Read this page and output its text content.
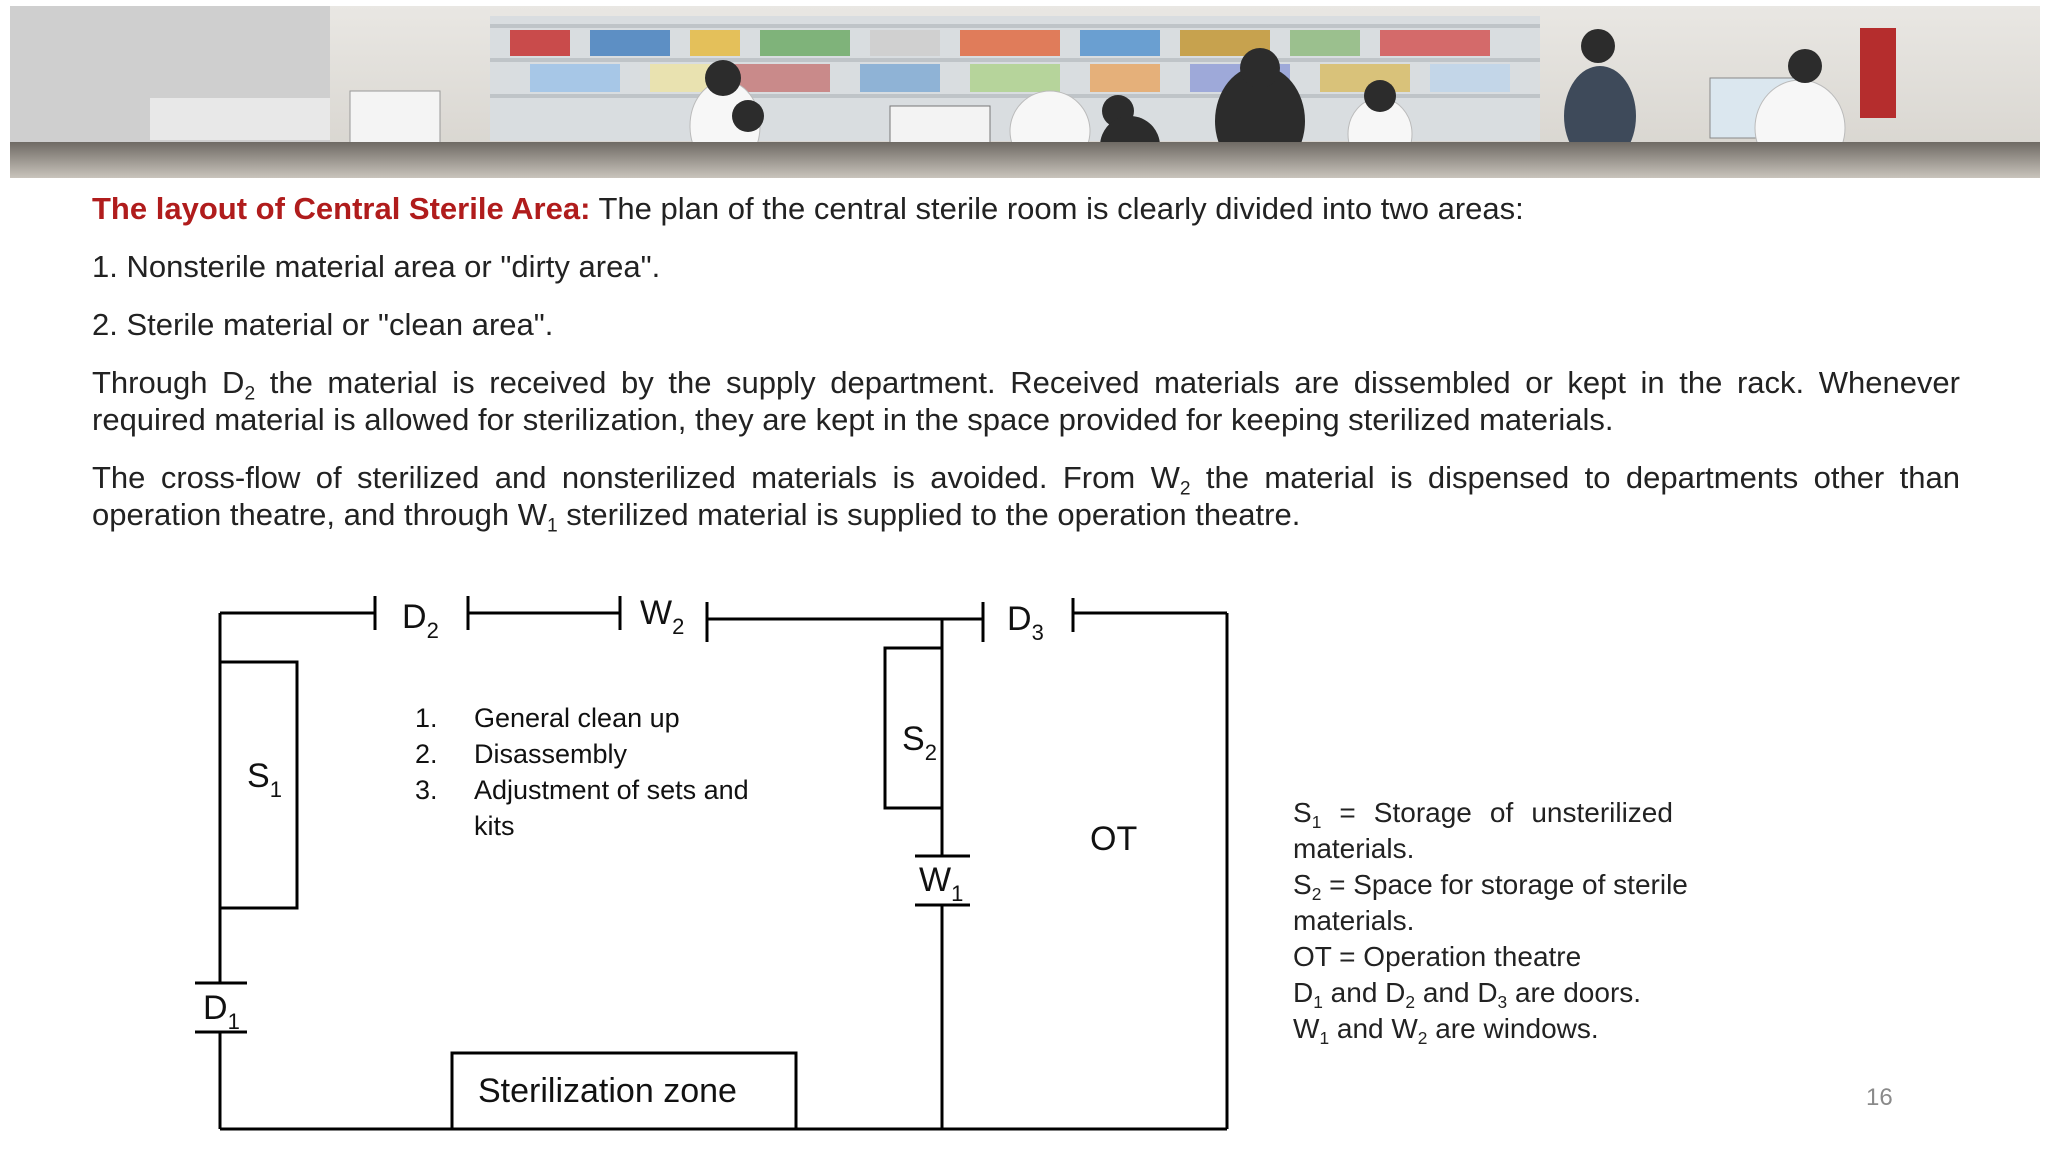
The layout of Central Sterile Area: The plan of the central sterile room is clearly divided into two areas:

1. Nonsterile material area or "dirty area".

2. Sterile material or "clean area".

Through $D_2$ the material is received by the supply department. Received materials are dissembled or kept in the rack. Whenever required material is allowed for sterilization, they are kept in the space provided for keeping sterilized materials.

The cross-flow of sterilized and nonsterilized materials is avoided. From $W_2$ the material is dispensed to departments other than operation theatre, and through $W_1$ sterilized material is supplied to the operation theatre.

$D_2$	$W_2$	$D_3$
$S_1$
$S_2$
$W_1$
$D_1$
OT
Sterilization zone
1. General clean up
2. Disassembly
3. Adjustment of sets and
kits	$S_1$ = Storage of unsterilized
materials.
$S_2$ = Space for storage of sterile
materials.
OT = Operation theatre
$D_1$ and $D_2$ and $D_3$ are doors.
$W_1$ and $W_2$ are windows.
16
